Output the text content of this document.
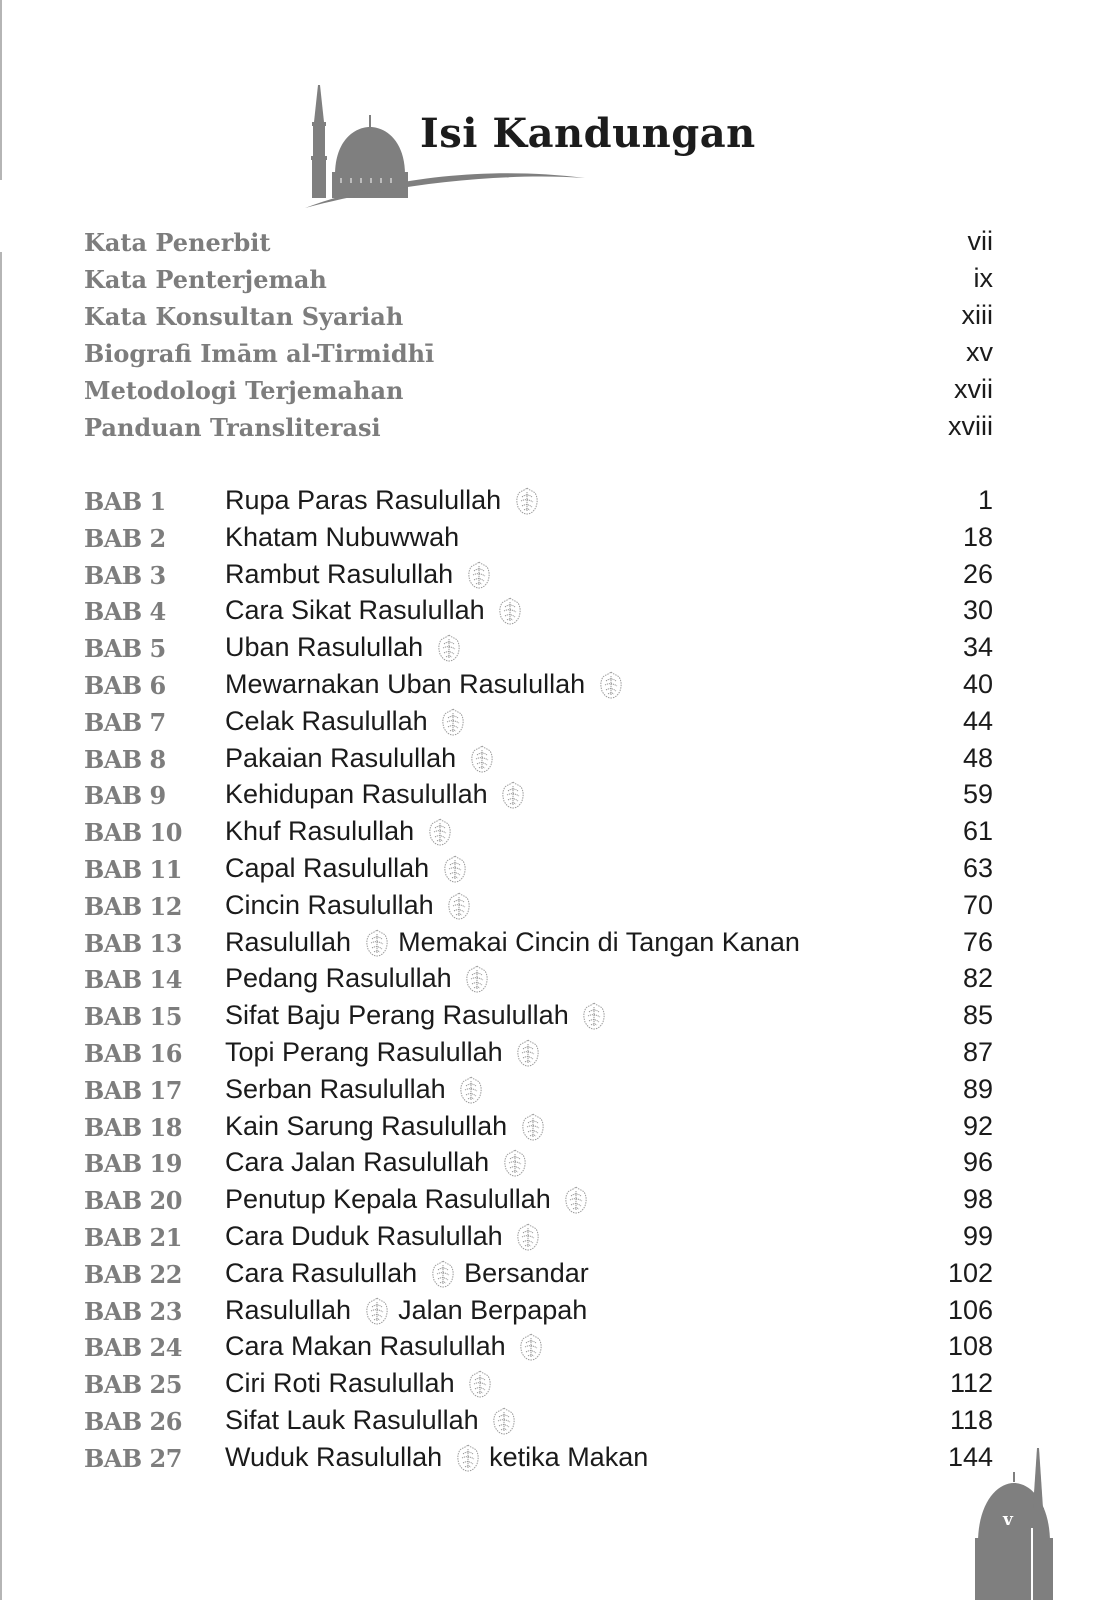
Isi Kandungan
Kata Penerbit	vii
Kata Penterjemah	ix
Kata Konsultan Syariah	xiii
Biografi Imām al-Tirmidhī	xv
Metodologi Terjemahan	xvii
Panduan Transliterasi	xviii
BAB 1 Rupa Paras Rasulullah	1
BAB 2 Khatam Nubuwwah	18
BAB 3 Rambut Rasulullah	26
BAB 4 Cara Sikat Rasulullah	30
BAB 5 Uban Rasulullah	34
BAB 6 Mewarnakan Uban Rasulullah	40
BAB 7 Celak Rasulullah	44
BAB 8 Pakaian Rasulullah	48
BAB 9 Kehidupan Rasulullah	59
BAB 10 Khuf Rasulullah	61
BAB 11 Capal Rasulullah	63
BAB 12 Cincin Rasulullah	70
BAB 13 Rasulullah Memakai Cincin di Tangan Kanan	76
BAB 14 Pedang Rasulullah	82
BAB 15 Sifat Baju Perang Rasulullah	85
BAB 16 Topi Perang Rasulullah	87
BAB 17 Serban Rasulullah	89
BAB 18 Kain Sarung Rasulullah	92
BAB 19 Cara Jalan Rasulullah	96
BAB 20 Penutup Kepala Rasulullah	98
BAB 21 Cara Duduk Rasulullah	99
BAB 22 Cara Rasulullah Bersandar	102
BAB 23 Rasulullah Jalan Berpapah	106
BAB 24 Cara Makan Rasulullah	108
BAB 25 Ciri Roti Rasulullah	112
BAB 26 Sifat Lauk Rasulullah	118
BAB 27 Wuduk Rasulullah ketika Makan	144
v
